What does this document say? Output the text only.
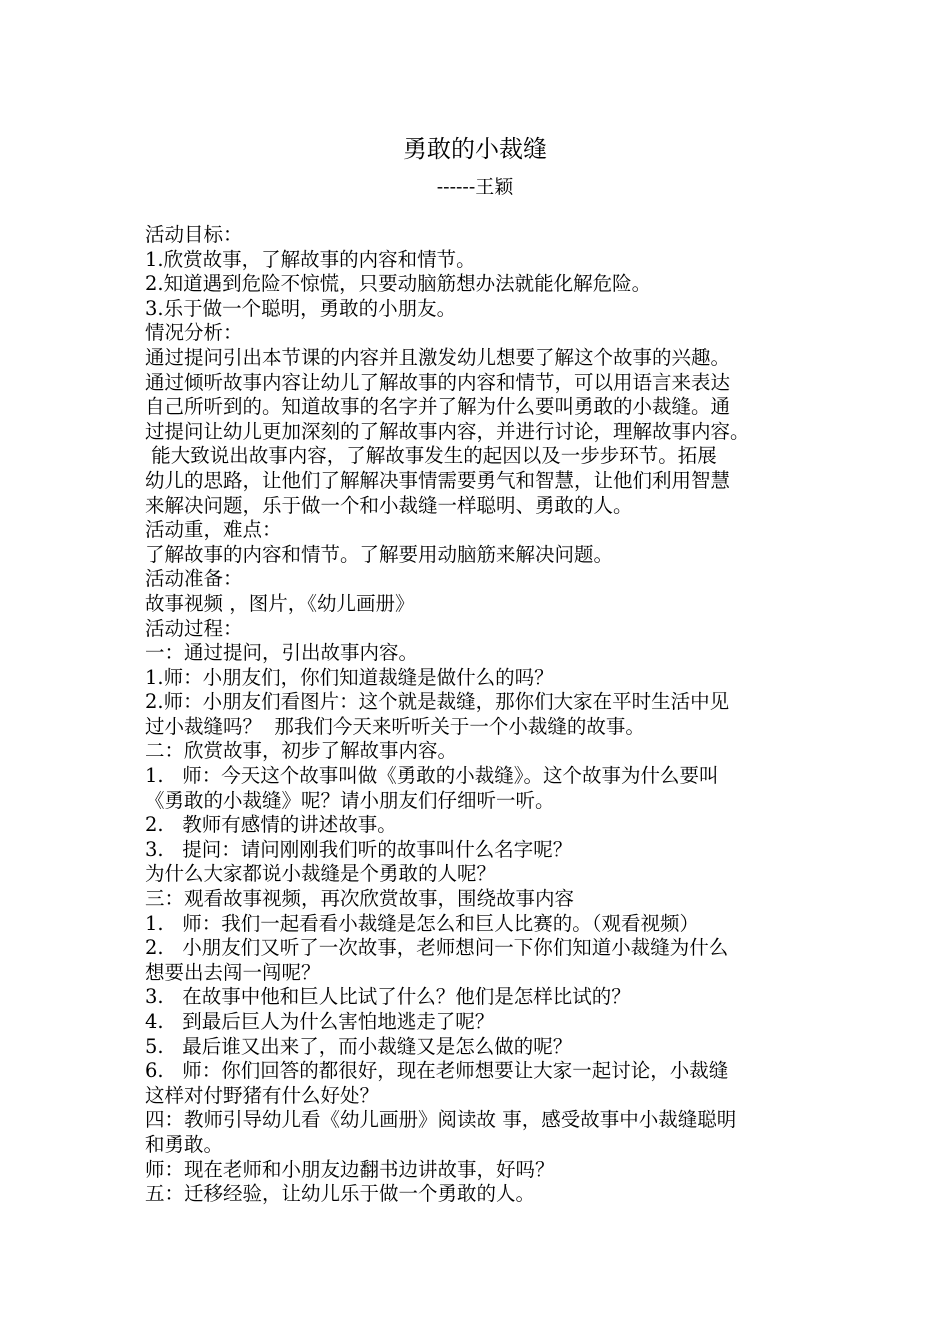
勇敢的小裁缝
------王颖
活动目标：
1.欣赏故事，了解故事的内容和情节。
2.知道遇到危险不惊慌，只要动脑筋想办法就能化解危险。
3.乐于做一个聪明，勇敢的小朋友。
情况分析：
通过提问引出本节课的内容并且激发幼儿想要了解这个故事的兴趣。
通过倾听故事内容让幼儿了解故事的内容和情节，可以用语言来表达
自己所听到的。知道故事的名字并了解为什么要叫勇敢的小裁缝。通
过提问让幼儿更加深刻的了解故事内容，并进行讨论，理解故事内容。
能大致说出故事内容，了解故事发生的起因以及一步步环节。拓展
幼儿的思路，让他们了解解决事情需要勇气和智慧，让他们利用智慧
来解决问题，乐于做一个和小裁缝一样聪明、勇敢的人。
活动重，难点：
了解故事的内容和情节。了解要用动脑筋来解决问题。
活动准备：
故事视频 ，图片，《幼儿画册》
活动过程：
一：通过提问，引出故事内容。
1.师：小朋友们，你们知道裁缝是做什么的吗？
2.师：小朋友们看图片：这个就是裁缝，那你们大家在平时生活中见
过小裁缝吗？  那我们今天来听听关于一个小裁缝的故事。
二：欣赏故事，初步了解故事内容。
1.   师：今天这个故事叫做《勇敢的小裁缝》。这个故事为什么要叫
《勇敢的小裁缝》呢？请小朋友们仔细听一听。
2.   教师有感情的讲述故事。
3.   提问：请问刚刚我们听的故事叫什么名字呢？
为什么大家都说小裁缝是个勇敢的人呢？
三：观看故事视频，再次欣赏故事，围绕故事内容
1.   师：我们一起看看小裁缝是怎么和巨人比赛的。（观看视频）
2.   小朋友们又听了一次故事，老师想问一下你们知道小裁缝为什么
想要出去闯一闯呢？
3.   在故事中他和巨人比试了什么？他们是怎样比试的？
4.   到最后巨人为什么害怕地逃走了呢？
5.   最后谁又出来了，而小裁缝又是怎么做的呢？
6.   师：你们回答的都很好，现在老师想要让大家一起讨论，小裁缝
这样对付野猪有什么好处？
四：教师引导幼儿看《幼儿画册》阅读故 事，感受故事中小裁缝聪明
和勇敢。
师：现在老师和小朋友边翻书边讲故事，好吗？
五：迁移经验，让幼儿乐于做一个勇敢的人。
